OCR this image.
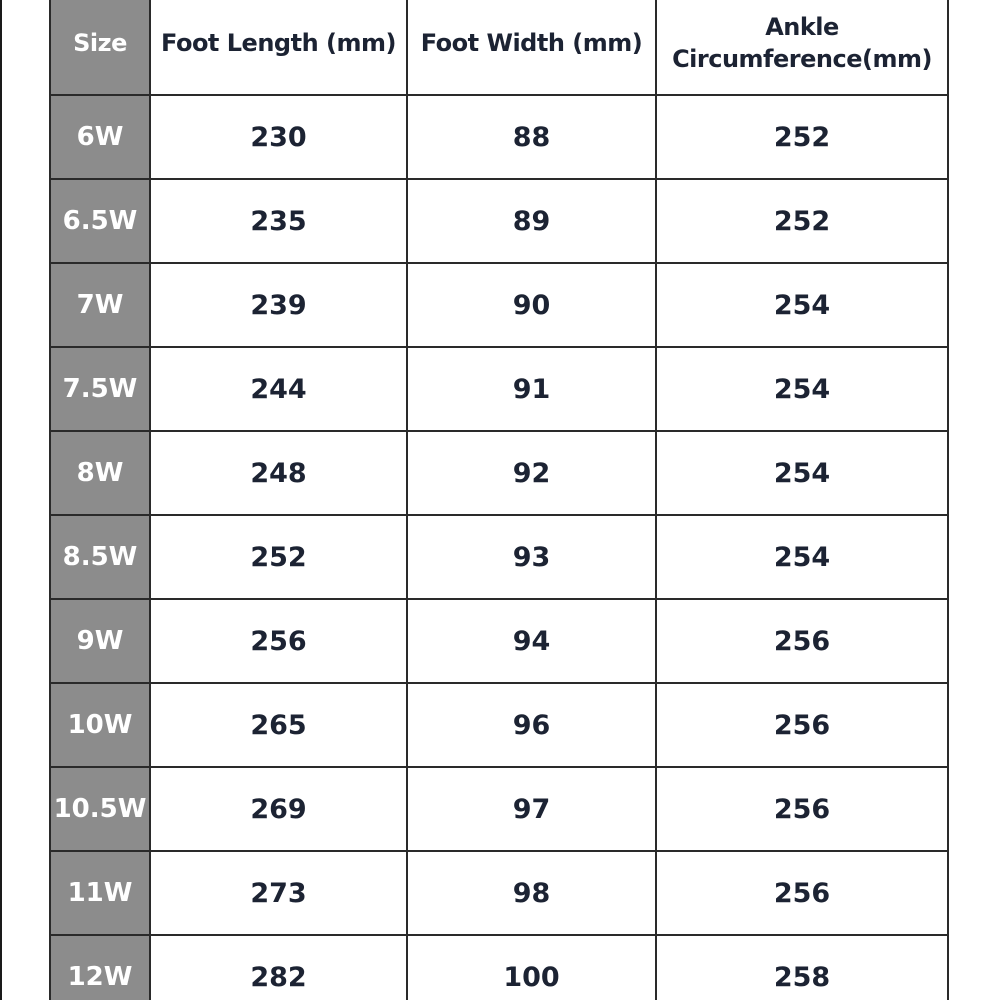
Size	Foot Length (mm)	Foot Width (mm)	Ankle
Circumference(mm)

6W	230	88	252
6.5W	235	89	252
7W	239	90	254
7.5W	244	91	254
8W	248	92	254
8.5W	252	93	254
9W	256	94	256
10W	265	96	256
10.5W	269	97	256
11W	273	98	256
12W	282	100	258
